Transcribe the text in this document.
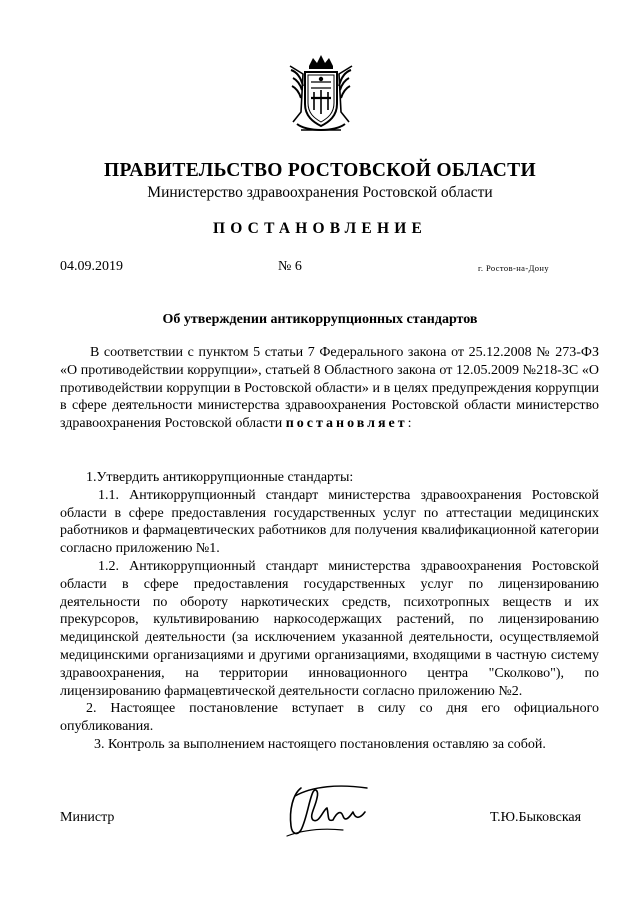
ПРАВИТЕЛЬСТВО РОСТОВСКОЙ ОБЛАСТИ
Министерство здравоохранения Ростовской области
ПОСТАНОВЛЕНИЕ
04.09.2019	№ 6	г. Ростов-на-Дону
Об утверждении антикоррупционных стандартов

В соответствии с пунктом 5 статьи 7 Федерального закона от 25.12.2008 № 273-ФЗ «О противодействии коррупции», статьей 8 Областного закона от 12.05.2009 №218-ЗС «О противодействии коррупции в Ростовской области» и в целях предупреждения коррупции в сфере деятельности министерства здравоохранения Ростовской области министерство здравоохранения Ростовской области постановляет:

1.Утвердить антикоррупционные стандарты:

1.1. Антикоррупционный стандарт министерства здравоохранения Ростовской области в сфере предоставления государственных услуг по аттестации медицинских работников и фармацевтических работников для получения квалификационной категории согласно приложению №1.

1.2. Антикоррупционный стандарт министерства здравоохранения Ростовской области в сфере предоставления государственных услуг по лицензированию деятельности по обороту наркотических средств, психотропных веществ и их прекурсоров, культивированию наркосодержащих растений, по лицензированию медицинской деятельности (за исключением указанной деятельности, осуществляемой медицинскими организациями и другими организациями, входящими в частную систему здравоохранения, на территории инновационного центра "Сколково"), по лицензированию фармацевтической деятельности согласно приложению №2.

2. Настоящее постановление вступает в силу со дня его официального опубликования.

3. Контроль за выполнением настоящего постановления оставляю за собой.

Министр	Т.Ю.Быковская
